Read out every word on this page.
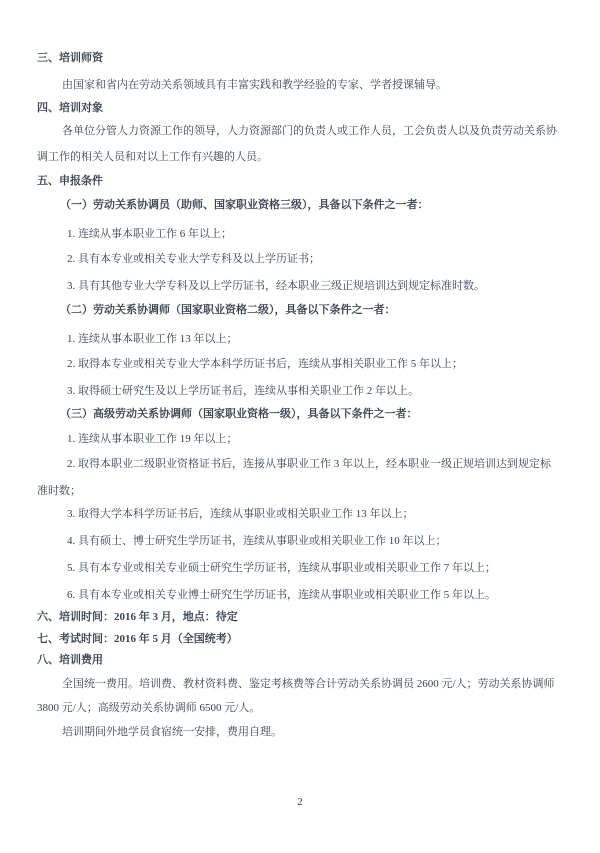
三、培训师资
由国家和省内在劳动关系领域具有丰富实践和教学经验的专家、学者授课辅导。
四、培训对象
各单位分管人力资源工作的领导，人力资源部门的负责人或工作人员，工会负责人以及负责劳动关系协
调工作的相关人员和对以上工作有兴趣的人员。
五、申报条件
（一）劳动关系协调员（助师、国家职业资格三级），具备以下条件之一者：
1. 连续从事本职业工作 6 年以上；
2. 具有本专业或相关专业大学专科及以上学历证书；
3. 具有其他专业大学专科及以上学历证书，经本职业三级正规培训达到规定标准时数。
（二）劳动关系协调师（国家职业资格二级），具备以下条件之一者：
1. 连续从事本职业工作 13 年以上；
2. 取得本专业或相关专业大学本科学历证书后，连续从事相关职业工作 5 年以上；
3. 取得硕士研究生及以上学历证书后，连续从事相关职业工作 2 年以上。
（三）高级劳动关系协调师（国家职业资格一级），具备以下条件之一者：
1. 连续从事本职业工作 19 年以上；
2. 取得本职业二级职业资格证书后，连接从事职业工作 3 年以上，经本职业一级正规培训达到规定标
准时数；
3. 取得大学本科学历证书后，连续从事职业或相关职业工作 13 年以上；
4. 具有硕士、博士研究生学历证书，连续从事职业或相关职业工作 10 年以上；
5. 具有本专业或相关专业硕士研究生学历证书，连续从事职业或相关职业工作 7 年以上；
6. 具有本专业或相关专业博士研究生学历证书，连续从事职业或相关职业工作 5 年以上。
六、培训时间：2016 年 3 月，地点：待定
七、考试时间：2016 年 5 月（全国统考）
八、培训费用
全国统一费用。培训费、教材资料费、鉴定考核费等合计劳动关系协调员 2600 元/人；劳动关系协调师
3800 元/人；高级劳动关系协调师 6500 元/人。
培训期间外地学员食宿统一安排，费用自理。
2
